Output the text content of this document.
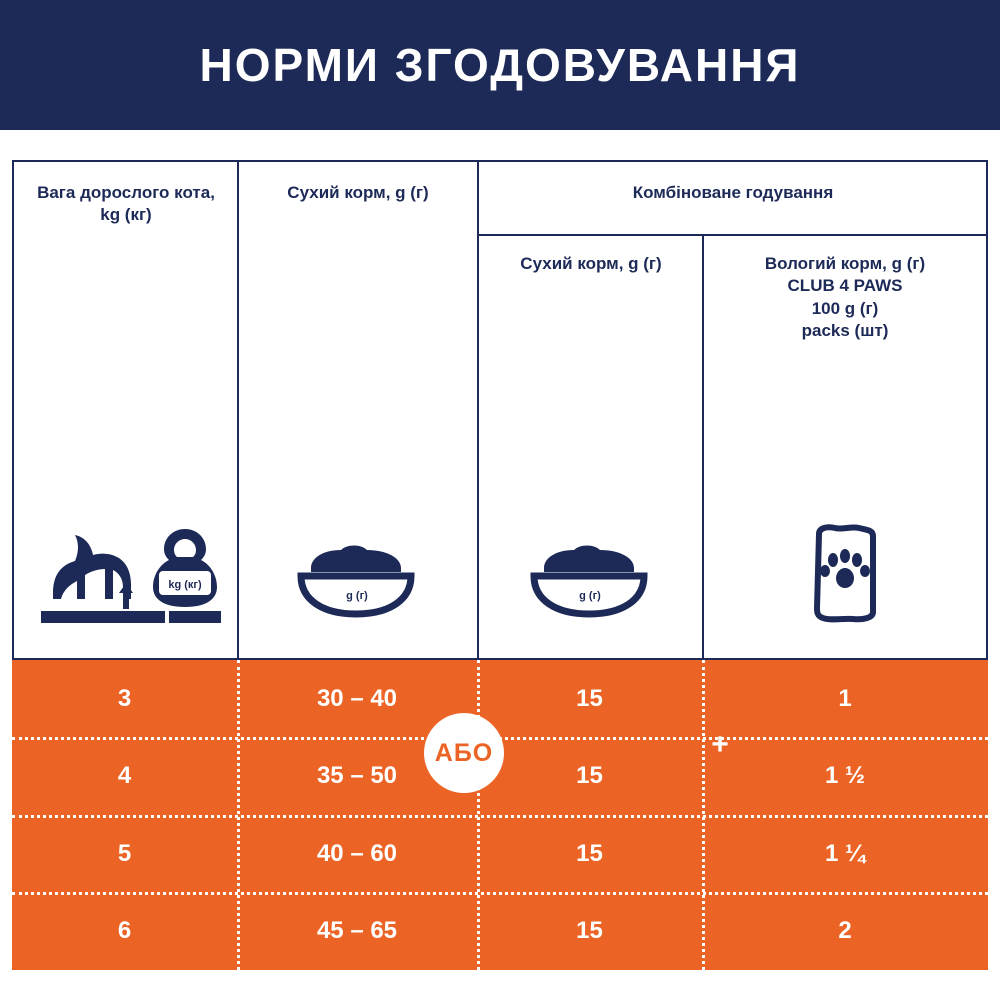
НОРМИ ЗГОДОВУВАННЯ
Вага дорослого кота, kg (кг)
Сухий корм, g (г)	Комбіноване годування
Сухий корм, g (г)	Вологий корм, g (г)
CLUB 4 PAWS
100 g (г)
packs (шт)
kg (кг)
g (г)	g (г)
3	30 – 40	15	1
4	35 – 50	15	1 ½
5	40 – 60	15	1 ¼
6	45 – 65	15	2
АБО	+
